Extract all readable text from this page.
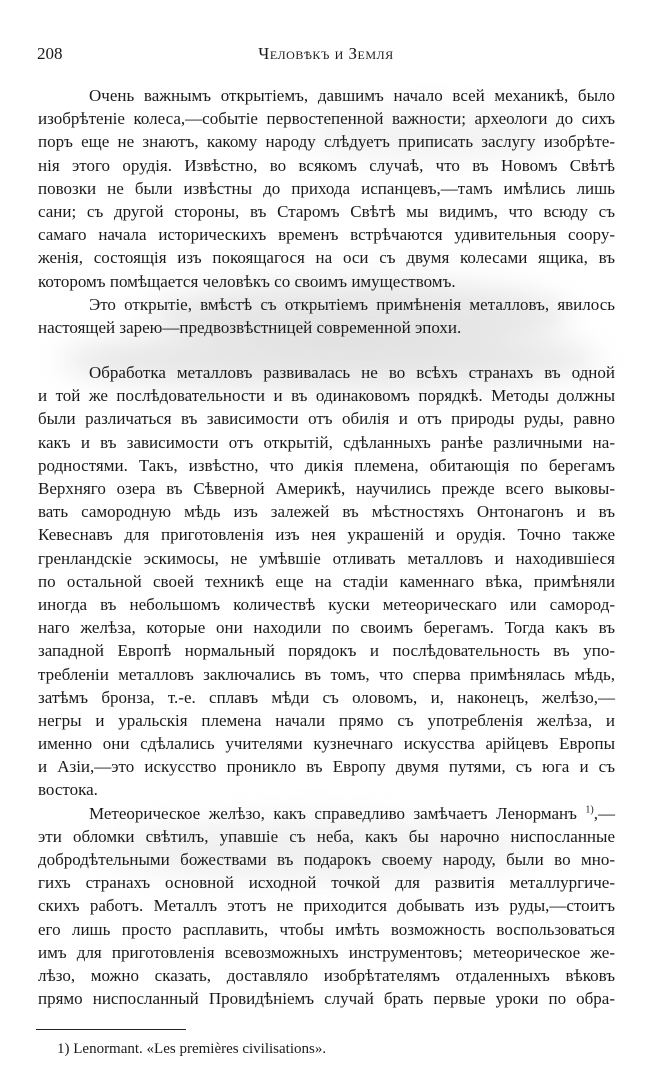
208	Человѣкъ и Земля
Очень важнымъ открытіемъ, давшимъ начало всей механикѣ, было
изобрѣтеніе колеса,—событіе первостепенной важности; археологи до сихъ
поръ еще не знаютъ, какому народу слѣдуетъ приписать заслугу изобрѣте-
нія этого орудія. Извѣстно, во всякомъ случаѣ, что въ Новомъ Свѣтѣ
повозки не были извѣстны до прихода испанцевъ,—тамъ имѣлись лишь
сани; съ другой стороны, въ Старомъ Свѣтѣ мы видимъ, что всюду съ
самаго начала историческихъ временъ встрѣчаются удивительныя соору-
женія, состоящія изъ покоящагося на оси съ двумя колесами ящика, въ
которомъ помѣщается человѣкъ со своимъ имуществомъ.
Это открытіе, вмѣстѣ съ открытіемъ примѣненія металловъ, явилось
настоящей зарею—предвозвѣстницей современной эпохи.
Обработка металловъ развивалась не во всѣхъ странахъ въ одной
и той же послѣдовательности и въ одинаковомъ порядкѣ. Методы должны
были различаться въ зависимости отъ обилія и отъ природы руды, равно
какъ и въ зависимости отъ открытій, сдѣланныхъ ранѣе различными на-
родностями. Такъ, извѣстно, что дикія племена, обитающія по берегамъ
Верхняго озера въ Сѣверной Америкѣ, научились прежде всего выковы-
вать самородную мѣдь изъ залежей въ мѣстностяхъ Онтонагонъ и въ
Кевеснавъ для приготовленія изъ нея украшеній и орудія. Точно также
гренландскіе эскимосы, не умѣвшіе отливать металловъ и находившіеся
по остальной своей техникѣ еще на стадіи каменнаго вѣка, примѣняли
иногда въ небольшомъ количествѣ куски метеорическаго или самород-
наго желѣза, которые они находили по своимъ берегамъ. Тогда какъ въ
западной Европѣ нормальный порядокъ и послѣдовательность въ упо-
требленіи металловъ заключались въ томъ, что сперва примѣнялась мѣдь,
затѣмъ бронза, т.-е. сплавъ мѣди съ оловомъ, и, наконецъ, желѣзо,—
негры и уральскія племена начали прямо съ употребленія желѣза, и
именно они сдѣлались учителями кузнечнаго искусства арійцевъ Европы
и Азіи,—это искусство проникло въ Европу двумя путями, съ юга и съ
востока.
Метеорическое желѣзо, какъ справедливо замѣчаетъ Ленорманъ $^{1)}$,—
эти обломки свѣтилъ, упавшіе съ неба, какъ бы нарочно ниспосланные
добродѣтельными божествами въ подарокъ своему народу, были во мно-
гихъ странахъ основной исходной точкой для развитія металлургиче-
скихъ работъ. Металлъ этотъ не приходится добывать изъ руды,—стоитъ
его лишь просто расплавить, чтобы имѣть возможность воспользоваться
имъ для приготовленія всевозможныхъ инструментовъ; метеорическое же-
лѣзо, можно сказать, доставляло изобрѣтателямъ отдаленныхъ вѣковъ
прямо ниспосланный Провидѣніемъ случай брать первые уроки по обра-
1) Lenormant. «Les premières civilisations».
